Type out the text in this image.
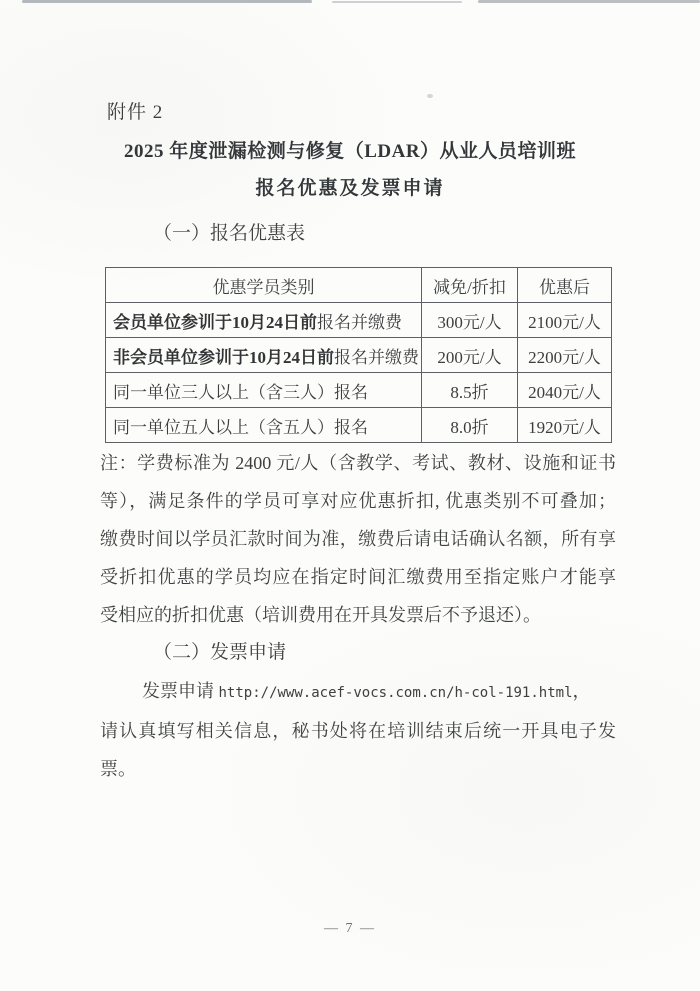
附件 2
2025 年度泄漏检测与修复（LDAR）从业人员培训班
报名优惠及发票申请
（一）报名优惠表
优惠学员类别	减免/折扣	优惠后
会员单位参训于10月24日前报名并缴费	300元/人	2100元/人
非会员单位参训于10月24日前报名并缴费	200元/人	2200元/人
同一单位三人以上（含三人）报名	8.5折	2040元/人
同一单位五人以上（含五人）报名	8.0折	1920元/人
注：学费标准为 2400 元/人（含教学、考试、教材、设施和证书
等），满足条件的学员可享对应优惠折扣, 优惠类别不可叠加；
缴费时间以学员汇款时间为准，缴费后请电话确认名额，所有享
受折扣优惠的学员均应在指定时间汇缴费用至指定账户才能享
受相应的折扣优惠（培训费用在开具发票后不予退还）。
（二）发票申请
发票申请 http://www.acef-vocs.com.cn/h-col-191.html，
请认真填写相关信息，秘书处将在培训结束后统一开具电子发
票。
— 7 —
